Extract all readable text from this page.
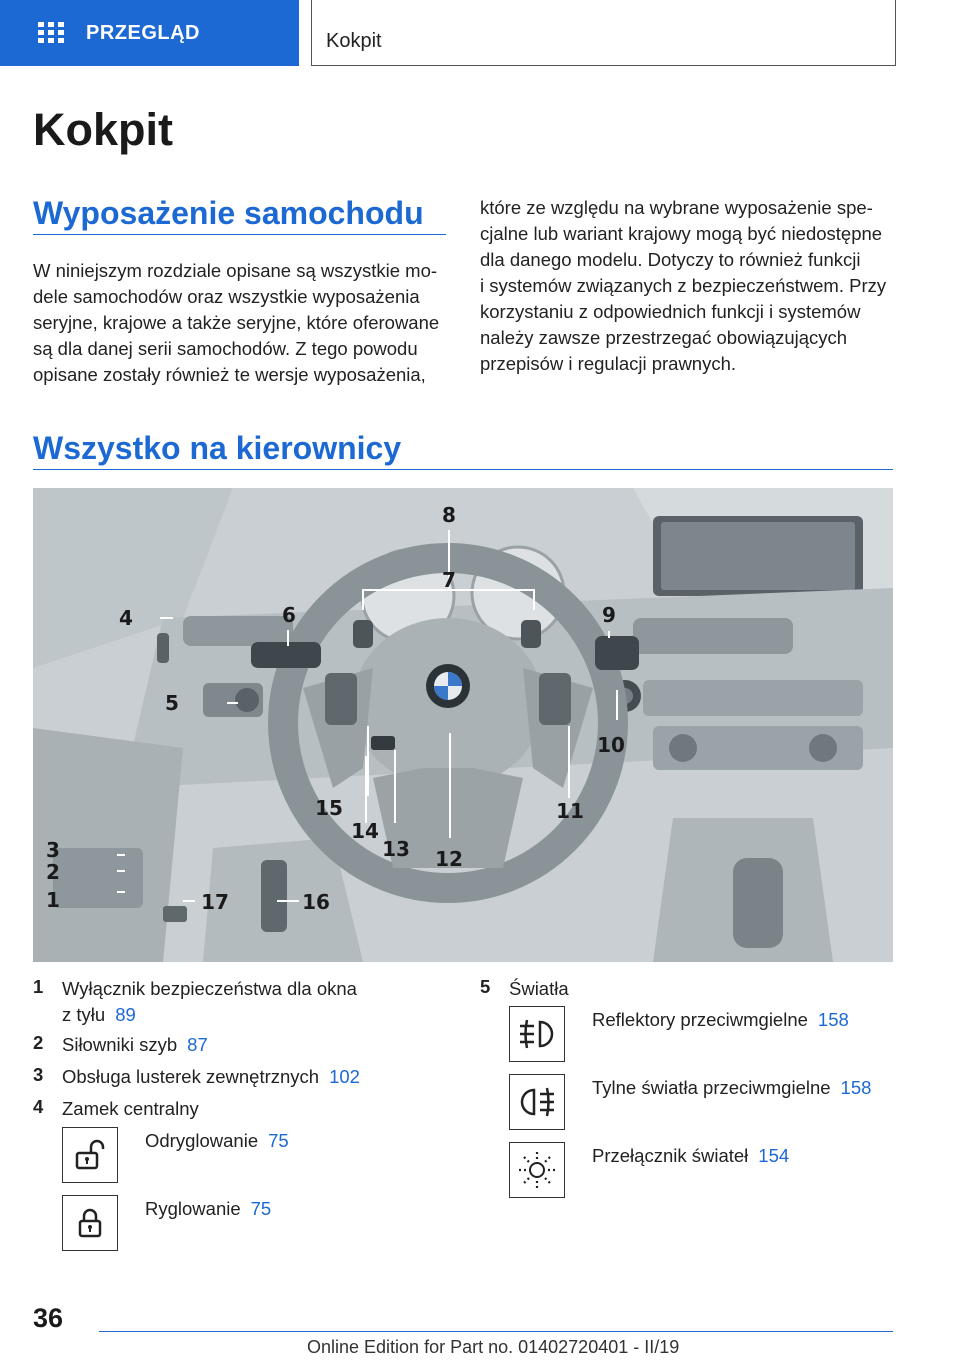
PRZEGLĄD	Kokpit
Kokpit
Wyposażenie samochodu
W niniejszym rozdziale opisane są wszystkie mo‐
dele samochodów oraz wszystkie wyposażenia
seryjne, krajowe a także seryjne, które oferowane
są dla danej serii samochodów. Z tego powodu
opisane zostały również te wersje wyposażenia,
które ze względu na wybrane wyposażenie spe‐
cjalne lub wariant krajowy mogą być niedostępne
dla danego modelu. Dotyczy to również funkcji
i systemów związanych z bezpieczeństwem. Przy
korzystaniu z odpowiednich funkcji i systemów
należy zawsze przestrzegać obowiązujących
przepisów i regulacji prawnych.
Wszystko na kierownicy
1
2
3
4
5
6
7
8
9
10
11
12
13
14
15
16
17
1 Wyłącznik bezpieczeństwa dla okna
z tyłu 89
2 Siłowniki szyb 87
3 Obsługa lusterek zewnętrznych 102
4 Zamek centralny
Odryglowanie 75
Ryglowanie 75
5 Światła
Reflektory przeciwmgielne 158
Tylne światła przeciwmgielne 158
Przełącznik świateł 154
36
Online Edition for Part no. 01402720401 - II/19
